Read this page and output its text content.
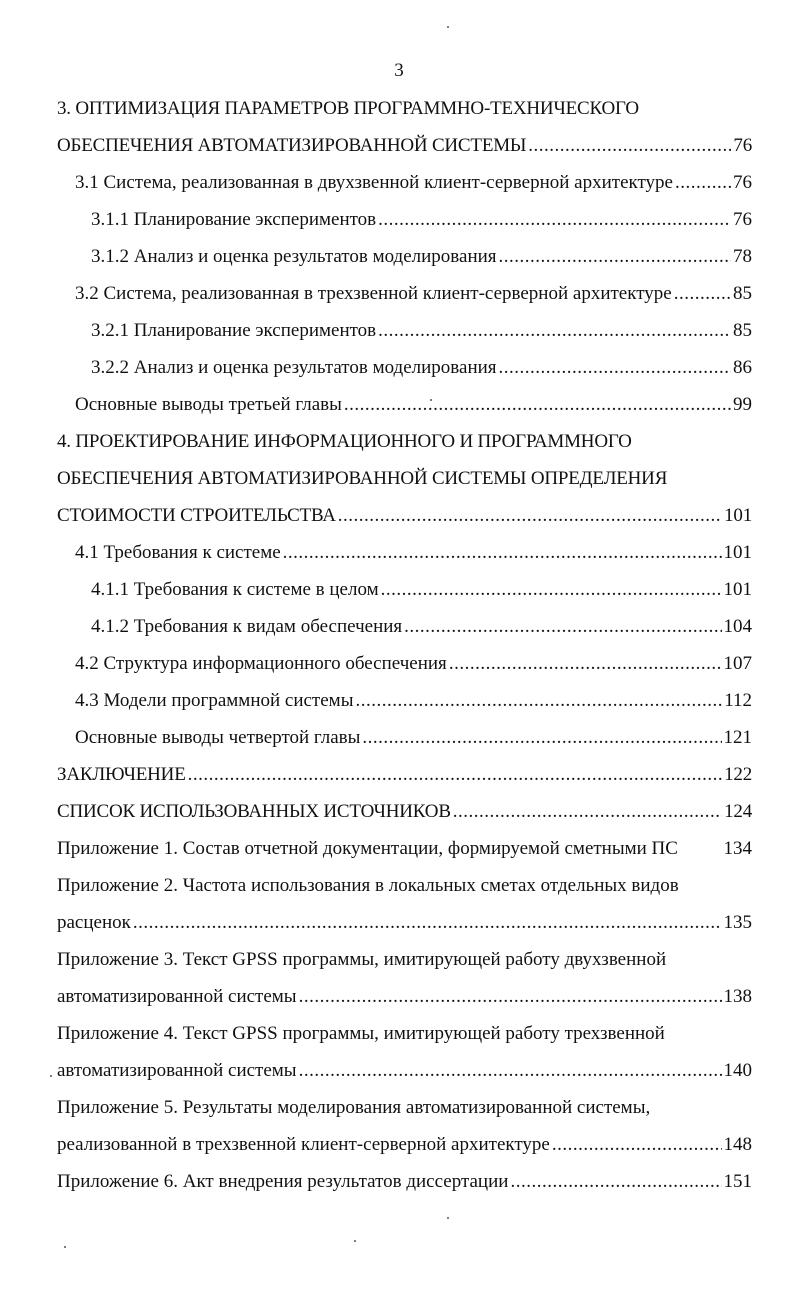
3
3. ОПТИМИЗАЦИЯ ПАРАМЕТРОВ ПРОГРАММНО-ТЕХНИЧЕСКОГО
ОБЕСПЕЧЕНИЯ АВТОМАТИЗИРОВАННОЙ СИСТЕМЫ .....	76
3.1 Система, реализованная в двухзвенной клиент-серверной архитектуре .....	76
3.1.1 Планирование экспериментов .....	76
3.1.2 Анализ и оценка результатов моделирования .....	78
3.2 Система, реализованная в трехзвенной клиент-серверной архитектуре .....	85
3.2.1 Планирование экспериментов .....	85
3.2.2 Анализ и оценка результатов моделирования .....	86
Основные выводы третьей главы .....	99
4. ПРОЕКТИРОВАНИЕ ИНФОРМАЦИОННОГО И ПРОГРАММНОГО
ОБЕСПЕЧЕНИЯ АВТОМАТИЗИРОВАННОЙ СИСТЕМЫ ОПРЕДЕЛЕНИЯ
СТОИМОСТИ СТРОИТЕЛЬСТВА .....	101
4.1 Требования к системе .....	101
4.1.1 Требования к системе в целом .....	101
4.1.2 Требования к видам обеспечения .....	104
4.2 Структура информационного обеспечения .....	107
4.3 Модели программной системы .....	112
Основные выводы четвертой главы .....	121
ЗАКЛЮЧЕНИЕ .....	122
СПИСОК ИСПОЛЬЗОВАННЫХ ИСТОЧНИКОВ .....	124
Приложение 1. Состав отчетной документации, формируемой сметными ПС 134
Приложение 2. Частота использования в локальных сметах отдельных видов
расценок .....	135
Приложение 3. Текст GPSS программы, имитирующей работу двухзвенной
автоматизированной системы .....	138
Приложение 4. Текст GPSS программы, имитирующей работу трехзвенной
автоматизированной системы .....	140
Приложение 5. Результаты моделирования автоматизированной системы,
реализованной в трехзвенной клиент-серверной архитектуре .....	148
Приложение 6. Акт внедрения результатов диссертации .....	151
